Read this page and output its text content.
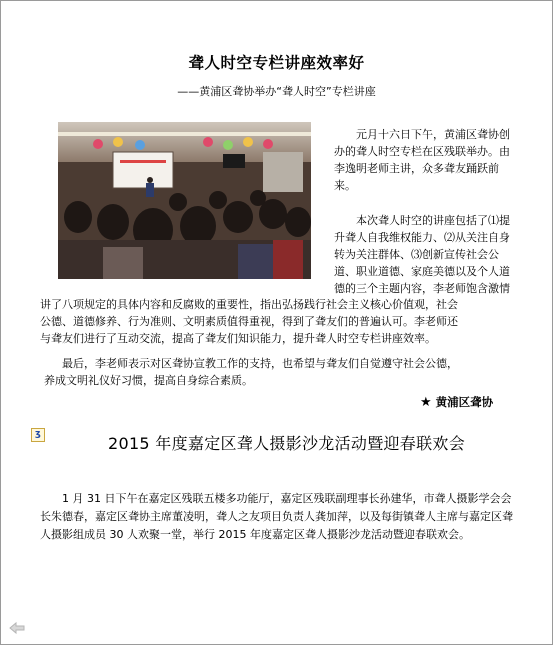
聋人时空专栏讲座效率好
——黄浦区聋协举办“聋人时空”专栏讲座

元月十六日下午，黄浦区聋协创办的聋人时空专栏在区残联举办。由李逸明老师主讲，众多聋友踊跃前来。

本次聋人时空的讲座包括了⑴提升聋人自我维权能力、⑵从关注自身转为关注群体、⑶创新宣传社会公道、职业道德、家庭美德以及个人道德的三个主题内容，李老师饱含激情

讲了八项规定的具体内容和反腐败的重要性，指出弘扬践行社会主义核心价值观，社会
公德、道德修养、行为准则、文明素质值得重视，得到了聋友们的普遍认可。李老师还
与聋友们进行了互动交流，提高了聋友们知识能力，提升聋人时空专栏讲座效率。
最后，李老师表示对区聋协宣教工作的支持，也希望与聋友们自觉遵守社会公德，
养成文明礼仪好习惯，提高自身综合素质。
★ 黄浦区聋协
ʒ	2015 年度嘉定区聋人摄影沙龙活动暨迎春联欢会
1 月 31 日下午在嘉定区残联五楼多功能厅，嘉定区残联副理事长孙建华，市聋人摄影学会会长朱德春，嘉定区聋协主席董凌明，聋人之友项目负责人龚加萍，以及每街镇聋人主席与嘉定区聋人摄影组成员 30 人欢聚一堂，举行 2015 年度嘉定区聋人摄影沙龙活动暨迎春联欢会。
